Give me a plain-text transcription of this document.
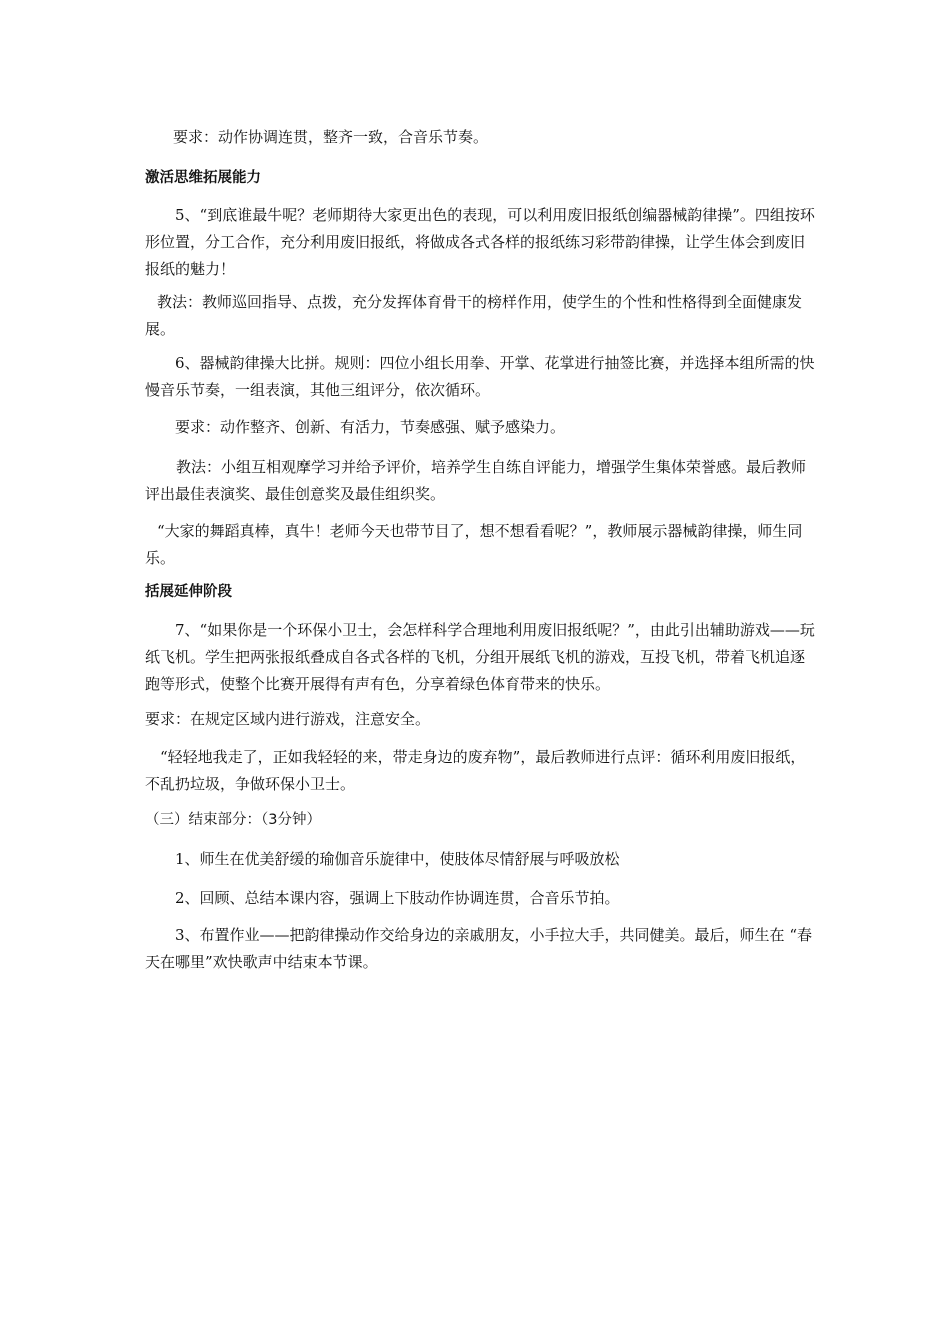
要求：动作协调连贯，整齐一致，合音乐节奏。

激活思维拓展能力

5、“到底谁最牛呢？老师期待大家更出色的表现，可以利用废旧报纸创编器械韵律操”。四组按环形位置，分工合作，充分利用废旧报纸，将做成各式各样的报纸练习彩带韵律操，让学生体会到废旧报纸的魅力！

教法：教师巡回指导、点拨，充分发挥体育骨干的榜样作用，使学生的个性和性格得到全面健康发展。

6、器械韵律操大比拼。规则：四位小组长用拳、开掌、花掌进行抽签比赛，并选择本组所需的快慢音乐节奏，一组表演，其他三组评分，依次循环。

要求：动作整齐、创新、有活力，节奏感强、赋予感染力。

教法：小组互相观摩学习并给予评价，培养学生自练自评能力，增强学生集体荣誉感。最后教师评出最佳表演奖、最佳创意奖及最佳组织奖。

“大家的舞蹈真棒，真牛！老师今天也带节目了，想不想看看呢？”，教师展示器械韵律操，师生同乐。

括展延伸阶段

7、“如果你是一个环保小卫士，会怎样科学合理地利用废旧报纸呢？”，由此引出辅助游戏——玩纸飞机。学生把两张报纸叠成自各式各样的飞机，分组开展纸飞机的游戏，互投飞机，带着飞机追逐跑等形式，使整个比赛开展得有声有色，分享着绿色体育带来的快乐。

要求：在规定区域内进行游戏，注意安全。

“轻轻地我走了，正如我轻轻的来，带走身边的废弃物”，最后教师进行点评：循环利用废旧报纸，不乱扔垃圾，争做环保小卫士。

（三）结束部分：（3分钟）

1、师生在优美舒缓的瑜伽音乐旋律中，使肢体尽情舒展与呼吸放松

2、回顾、总结本课内容，强调上下肢动作协调连贯，合音乐节拍。

3、布置作业——把韵律操动作交给身边的亲戚朋友，小手拉大手，共同健美。最后，师生在 “春天在哪里”欢快歌声中结束本节课。
